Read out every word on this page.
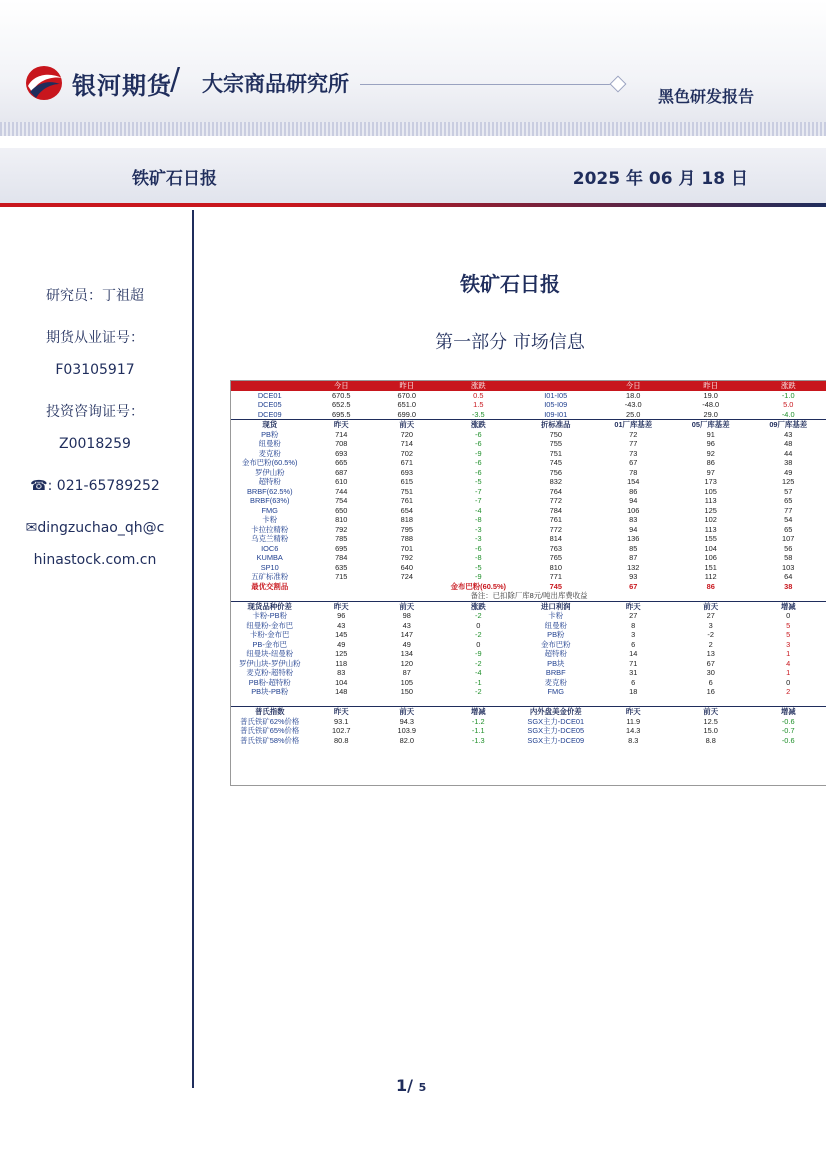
银河期货
/ 大宗商品研究所
黑色研发报告
铁矿石日报	2025 年 06 月 18 日
研究员：丁祖超
期货从业证号：
F03105917
投资咨询证号：
Z0018259
☎: 021-65789252
✉dingzuchao_qh@c
hinastock.com.cn
铁矿石日报
第一部分 市场信息
	今日	昨日	涨跌		今日	昨日	涨跌
DCE01	670.5	670.0	0.5	I01-I05	18.0	19.0	-1.0
DCE05	652.5	651.0	1.5	I05-I09	-43.0	-48.0	5.0
DCE09	695.5	699.0	-3.5	I09-I01	25.0	29.0	-4.0
现货	昨天	前天	涨跌	折标准品	01厂库基差	05厂库基差	09厂库基差
PB粉	714	720	-6	750	72	91	43
纽曼粉	708	714	-6	755	77	96	48
麦克粉	693	702	-9	751	73	92	44
金布巴粉(60.5%)	665	671	-6	745	67	86	38
罗伊山粉	687	693	-6	756	78	97	49
超特粉	610	615	-5	832	154	173	125
BRBF(62.5%)	744	751	-7	764	86	105	57
BRBF(63%)	754	761	-7	772	94	113	65
FMG	650	654	-4	784	106	125	77
卡粉	810	818	-8	761	83	102	54
卡拉拉精粉	792	795	-3	772	94	113	65
乌克兰精粉	785	788	-3	814	136	155	107
IOC6	695	701	-6	763	85	104	56
KUMBA	784	792	-8	765	87	106	58
SP10	635	640	-5	810	132	151	103
五矿标准粉	715	724	-9	771	93	112	64
最优交割品			金布巴粉(60.5%)	745	67	86	38
备注：已扣除厂库8元/吨出库费收益							
现货品种价差	昨天	前天	涨跌	进口利润	昨天	前天	增减
卡粉-PB粉	96	98	-2	卡粉	27	27	0
纽曼粉-金布巴	43	43	0	纽曼粉	8	3	5
卡粉-金布巴	145	147	-2	PB粉	3	-2	5
PB-金布巴	49	49	0	金布巴粉	6	2	3
纽曼块-纽曼粉	125	134	-9	超特粉	14	13	1
罗伊山块-罗伊山粉	118	120	-2	PB块	71	67	4
麦克粉-超特粉	83	87	-4	BRBF	31	30	1
PB粉-超特粉	104	105	-1	麦克粉	6	6	0
PB块-PB粉	148	150	-2	FMG	18	16	2

普氏指数	昨天	前天	增减	内外盘美金价差	昨天	前天	增减
普氏铁矿62%价格	93.1	94.3	-1.2	SGX主力-DCE01	11.9	12.5	-0.6
普氏铁矿65%价格	102.7	103.9	-1.1	SGX主力-DCE05	14.3	15.0	-0.7
普氏铁矿58%价格	80.8	82.0	-1.3	SGX主力-DCE09	8.3	8.8	-0.6
1/ 5
